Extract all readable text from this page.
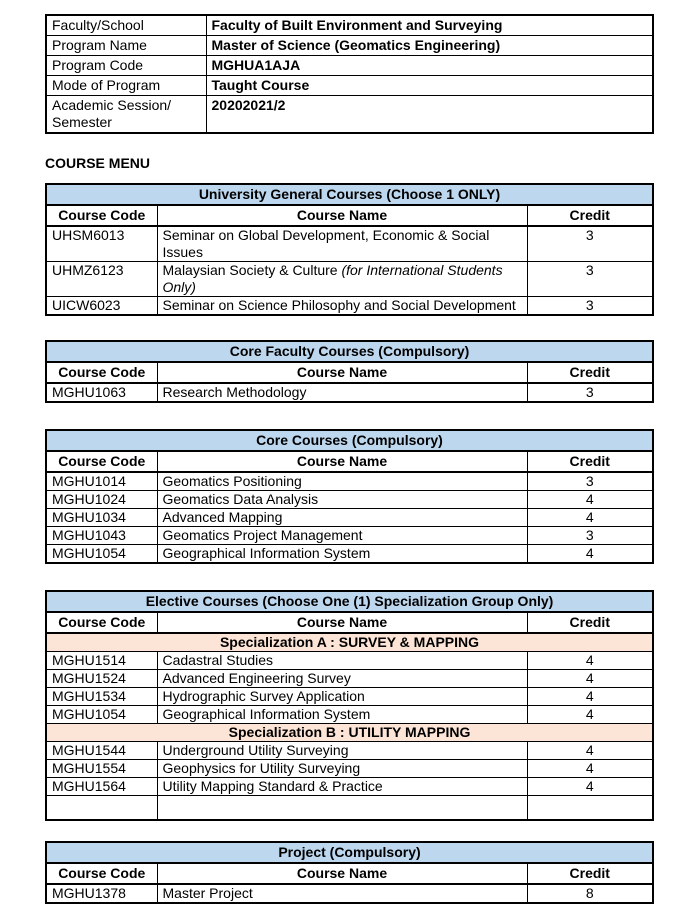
Faculty/School	Faculty of Built Environment and Surveying
Program Name	Master of Science (Geomatics Engineering)
Program Code	MGHUA1AJA
Mode of Program	Taught Course
Academic Session/ Semester	20202021/2
COURSE MENU
University General Courses (Choose 1 ONLY)		
Course Code	Course Name	Credit
UHSM6013	Seminar on Global Development, Economic & Social Issues	3
UHMZ6123	Malaysian Society & Culture (for International Students Only)	3
UICW6023	Seminar on Science Philosophy and Social Development	3
Core Faculty Courses (Compulsory)		
Course Code	Course Name	Credit
MGHU1063	Research Methodology	3
Core Courses (Compulsory)		
Course Code	Course Name	Credit
MGHU1014	Geomatics Positioning	3
MGHU1024	Geomatics Data Analysis	4
MGHU1034	Advanced Mapping	4
MGHU1043	Geomatics Project Management	3
MGHU1054	Geographical Information System	4
Elective Courses (Choose One (1) Specialization Group Only)		
Course Code	Course Name	Credit
Specialization A : SURVEY & MAPPING		
MGHU1514	Cadastral Studies	4
MGHU1524	Advanced Engineering Survey	4
MGHU1534	Hydrographic Survey Application	4
MGHU1054	Geographical Information System	4
Specialization B : UTILITY MAPPING		
MGHU1544	Underground Utility Surveying	4
MGHU1554	Geophysics for Utility Surveying	4
MGHU1564	Utility Mapping Standard & Practice	4

Project (Compulsory)		
Course Code	Course Name	Credit
MGHU1378	Master Project	8
